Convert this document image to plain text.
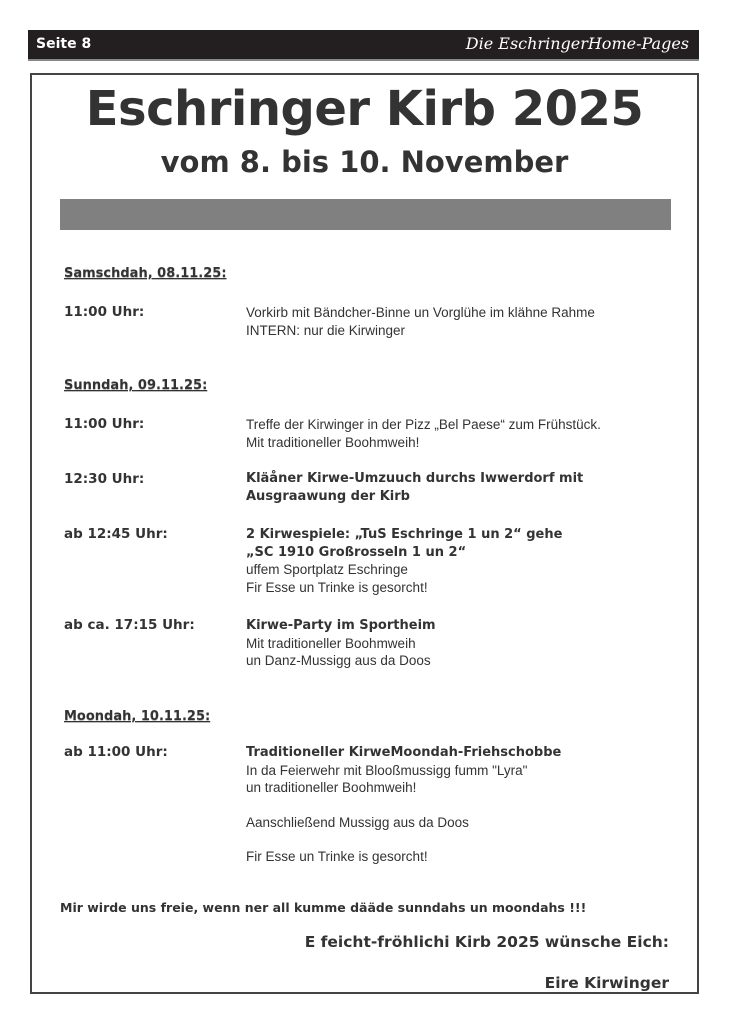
Seite 8	Die EschringerHome-Pages
Eschringer Kirb 2025
vom 8. bis 10. November
Samschdah, 08.11.25:
11:00 Uhr:	Vorkirb mit Bändcher-Binne un Vorglühe im klähne Rahme
INTERN: nur die Kirwinger
Sunndah, 09.11.25:
11:00 Uhr:	Treffe der Kirwinger in der Pizz „Bel Paese“ zum Frühstück.
Mit traditioneller Boohmweih!
12:30 Uhr:	Kläåner Kirwe-Umzuuch durchs Iwwerdorf mit
Ausgraawung der Kirb
ab 12:45 Uhr:	2 Kirwespiele: „TuS Eschringe 1 un 2“ gehe
„SC 1910 Großrosseln 1 un 2“
uffem Sportplatz Eschringe
Fir Esse un Trinke is gesorcht!
ab ca. 17:15 Uhr:	Kirwe-Party im Sportheim
Mit traditioneller Boohmweih
un Danz-Mussigg aus da Doos
Moondah, 10.11.25:
ab 11:00 Uhr:	Traditioneller KirweMoondah-Friehschobbe
In da Feierwehr mit Blooßmussigg fumm "Lyra"
un traditioneller Boohmweih!
Aanschließend Mussigg aus da Doos
Fir Esse un Trinke is gesorcht!
Mir wirde uns freie, wenn ner all kumme dääde sunndahs un moondahs !!!
E feicht-fröhlichi Kirb 2025 wünsche Eich:
Eire Kirwinger
